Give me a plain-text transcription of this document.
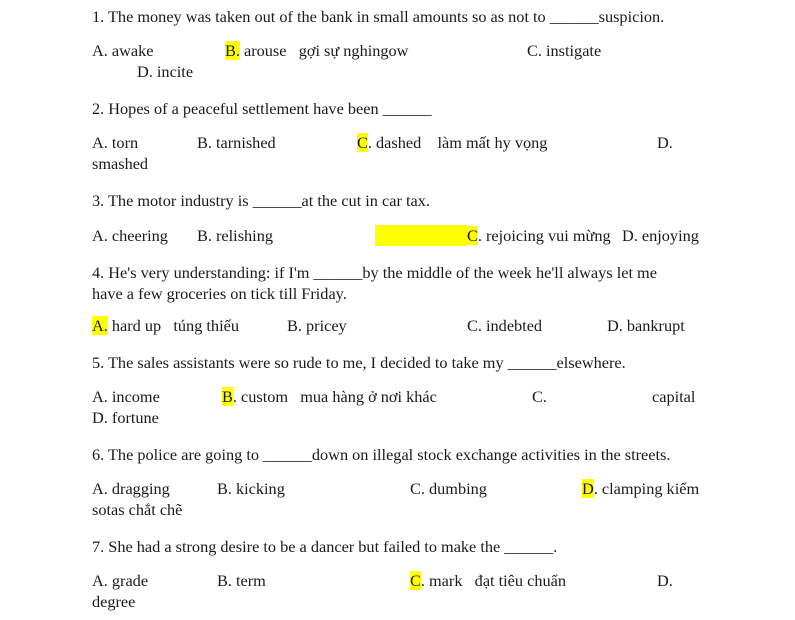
1. The money was taken out of the bank in small amounts so as not to ______suspicion.

A. awake	B. arouse   gợi sự nghingow	C. instigate
D. incite

2. Hopes of a peaceful settlement have been ______

A. torn	B. tarnished	C. dashed    làm mất hy vọng	D.
smashed

3. The motor industry is ______at the cut in car tax.

A. cheering B. relishing	C. rejoicing vui mừng D. enjoying

4. He's very understanding: if I'm ______by the middle of the week he'll always let me

have a few groceries on tick till Friday.

A. hard up   túng thiếu	B. pricey	C. indebted	D. bankrupt

5. The sales assistants were so rude to me, I decided to take my ______elsewhere.

A. income	B. custom   mua hàng ở nơi khác	C.	capital
D. fortune

6. The police are going to ______down on illegal stock exchange activities in the streets.

A. dragging	B. kicking	C. dumbing	D. clamping kiểm
sotas chắt chẽ

7. She had a strong desire to be a dancer but failed to make the ______.

A. grade	B. term	C. mark   đạt tiêu chuẩn	D.
degree
